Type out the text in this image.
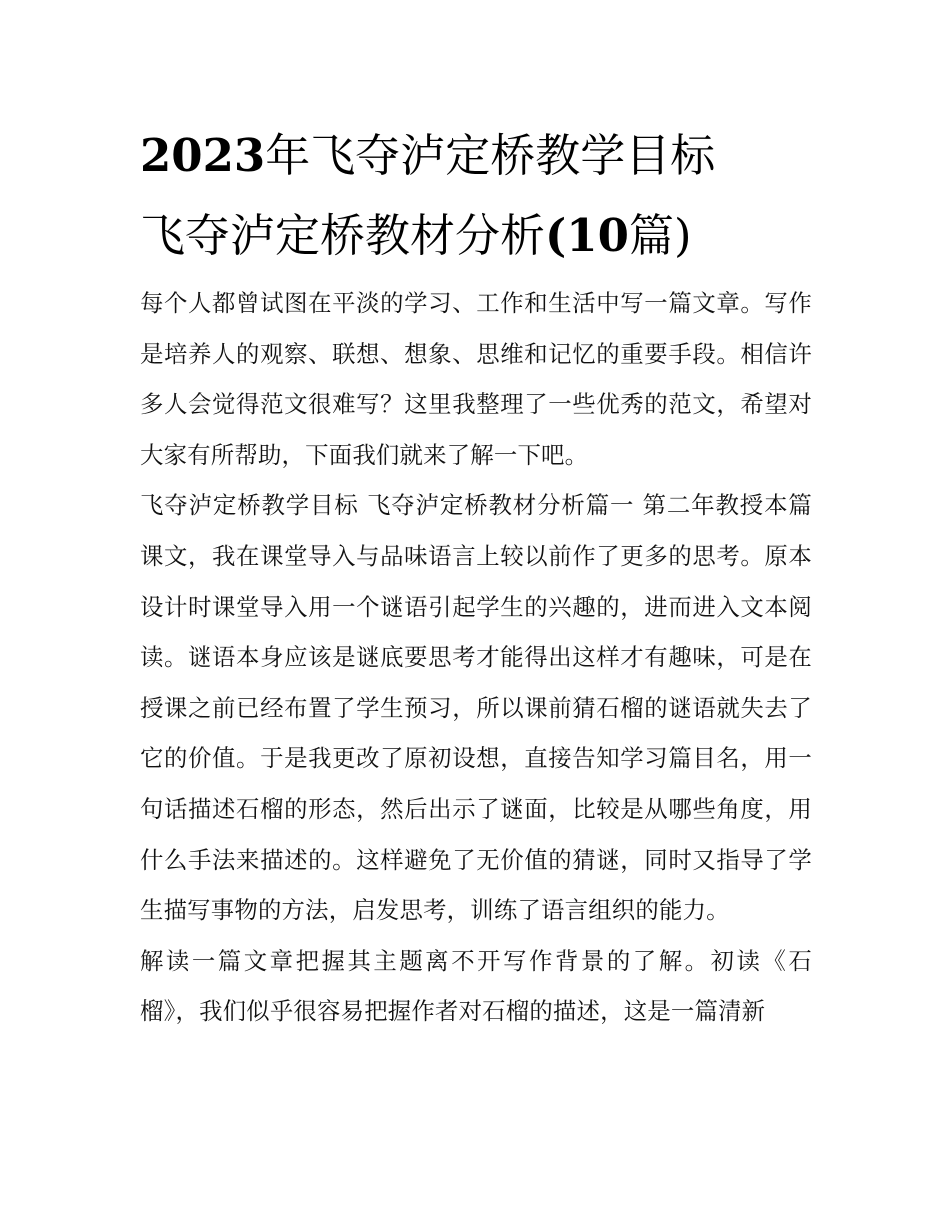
2023年飞夺泸定桥教学目标
飞夺泸定桥教材分析(10篇)

每个人都曾试图在平淡的学习、工作和生活中写一篇文章。写作是培养人的观察、联想、想象、思维和记忆的重要手段。相信许多人会觉得范文很难写？这里我整理了一些优秀的范文，希望对大家有所帮助，下面我们就来了解一下吧。

飞夺泸定桥教学目标 飞夺泸定桥教材分析篇一 第二年教授本篇课文，我在课堂导入与品味语言上较以前作了更多的思考。原本设计时课堂导入用一个谜语引起学生的兴趣的，进而进入文本阅读。谜语本身应该是谜底要思考才能得出这样才有趣味，可是在授课之前已经布置了学生预习，所以课前猜石榴的谜语就失去了它的价值。于是我更改了原初设想，直接告知学习篇目名，用一句话描述石榴的形态，然后出示了谜面，比较是从哪些角度，用什么手法来描述的。这样避免了无价值的猜谜，同时又指导了学生描写事物的方法，启发思考，训练了语言组织的能力。

解读一篇文章把握其主题离不开写作背景的了解。初读《石榴》，我们似乎很容易把握作者对石榴的描述，这是一篇清新
